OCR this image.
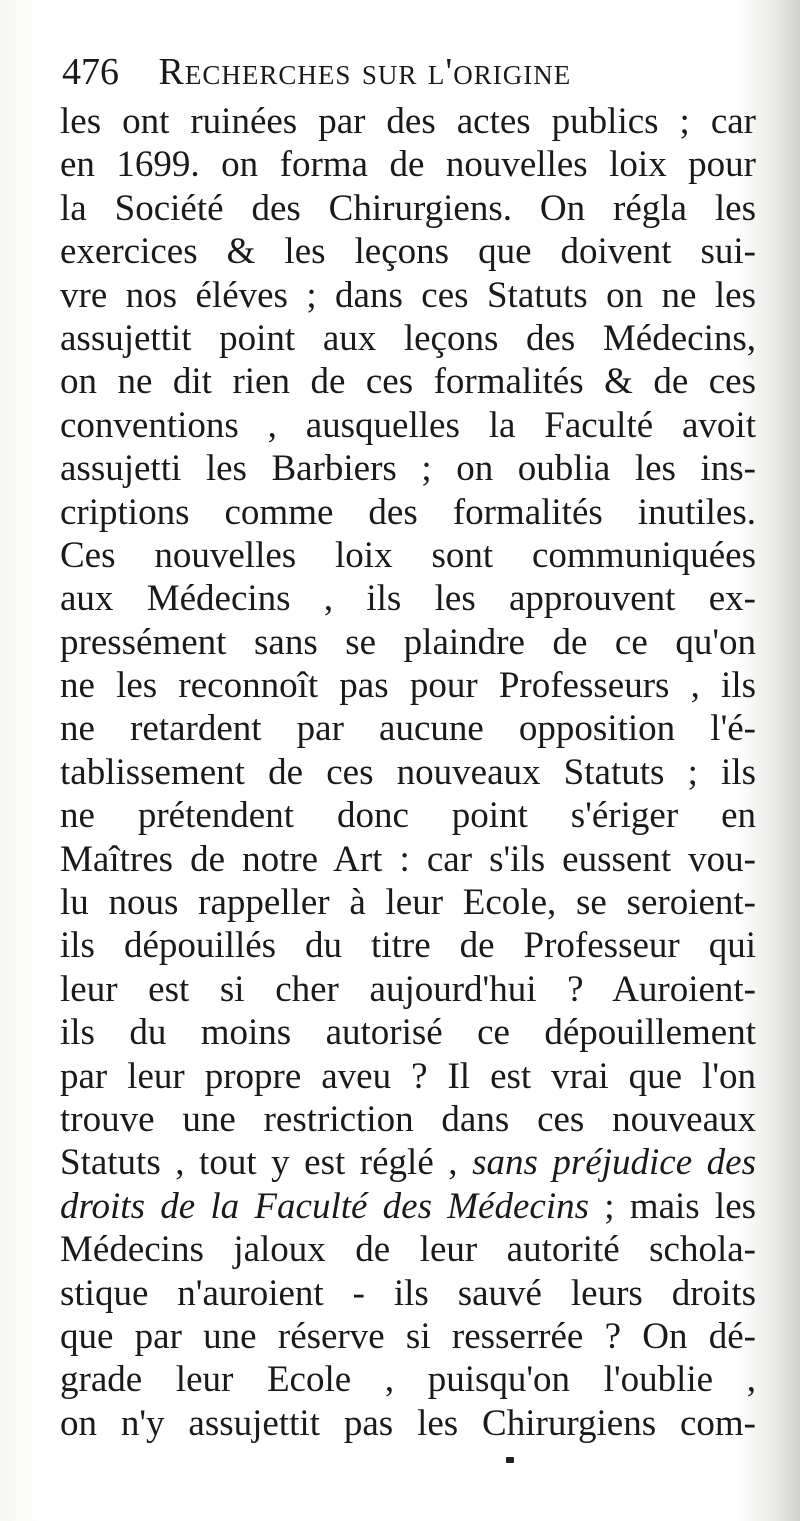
476 Recherches sur l'origine
les ont ruinées par des actes publics ; car
en 1699. on forma de nouvelles loix pour
la Société des Chirurgiens. On régla les
exercices & les leçons que doivent sui-
vre nos éléves ; dans ces Statuts on ne les
assujettit point aux leçons des Médecins,
on ne dit rien de ces formalités & de ces
conventions , ausquelles la Faculté avoit
assujetti les Barbiers ; on oublia les ins-
criptions comme des formalités inutiles.
Ces nouvelles loix sont communiquées
aux Médecins , ils les approuvent ex-
pressément sans se plaindre de ce qu'on
ne les reconnoît pas pour Professeurs , ils
ne retardent par aucune opposition l'é-
tablissement de ces nouveaux Statuts ; ils
ne prétendent donc point s'ériger en
Maîtres de notre Art : car s'ils eussent vou-
lu nous rappeller à leur Ecole, se seroient-
ils dépouillés du titre de Professeur qui
leur est si cher aujourd'hui ? Auroient-
ils du moins autorisé ce dépouillement
par leur propre aveu ? Il est vrai que l'on
trouve une restriction dans ces nouveaux
Statuts , tout y est réglé , sans préjudice des
droits de la Faculté des Médecins ; mais les
Médecins jaloux de leur autorité schola-
stique n'auroient - ils sauvé leurs droits
que par une réserve si resserrée ? On dé-
grade leur Ecole , puisqu'on l'oublie ,
on n'y assujettit pas les Chirurgiens com-
